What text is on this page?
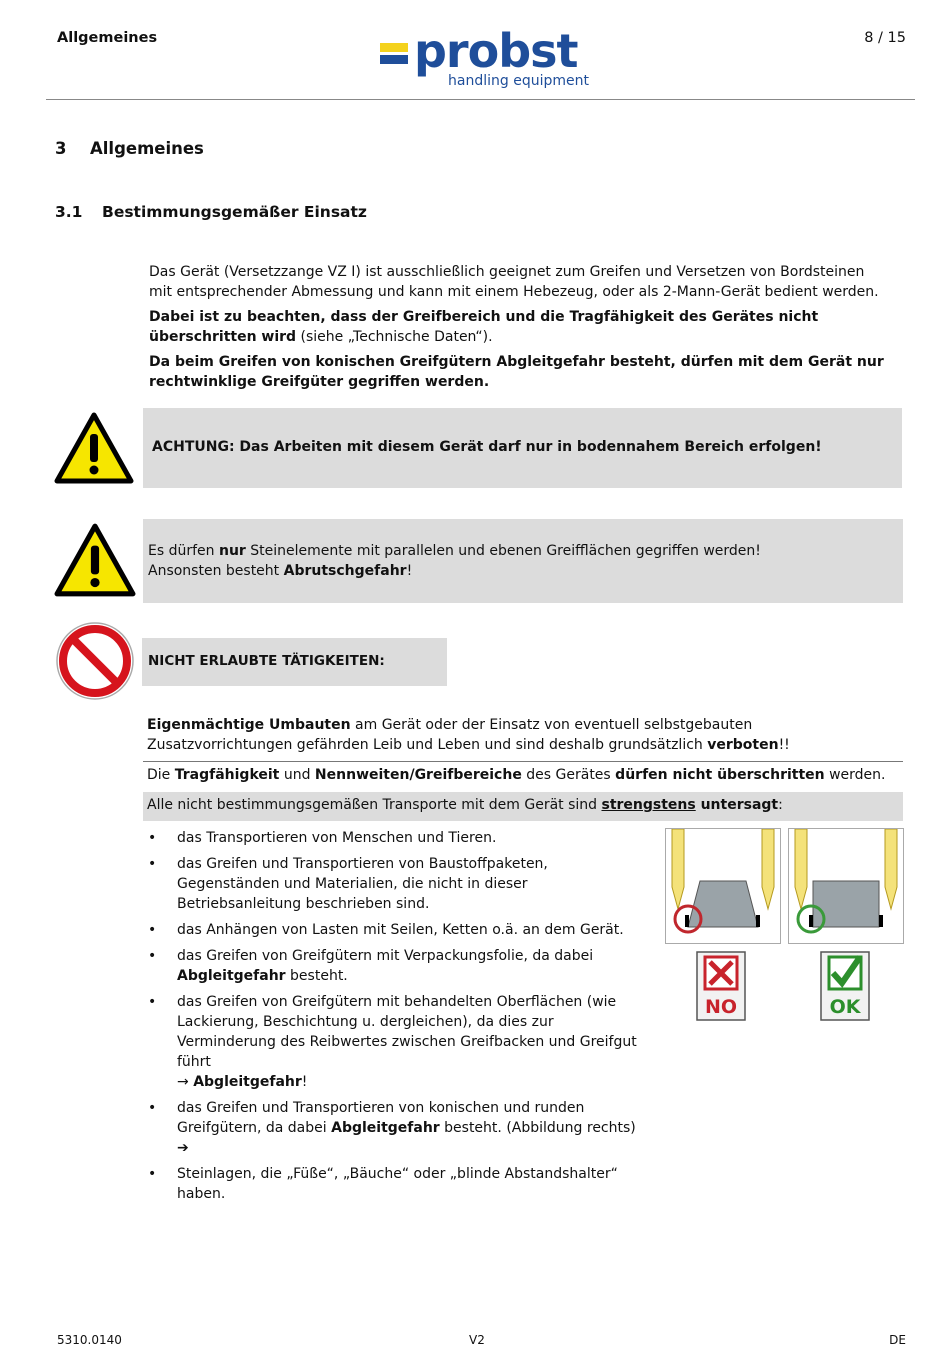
Allgemeines	8 / 15
probst
handling equipment
3 Allgemeines
3.1 Bestimmungsgemäßer Einsatz
Das Gerät (Versetzzange VZ I) ist ausschließlich geeignet zum Greifen und Versetzen von Bordsteinen mit entsprechender Abmessung und kann mit einem Hebezeug, oder als 2-Mann-Gerät bedient werden.
Dabei ist zu beachten, dass der Greifbereich und die Tragfähigkeit des Gerätes nicht überschritten wird (siehe „Technische Daten“).
Da beim Greifen von konischen Greifgütern Abgleitgefahr besteht, dürfen mit dem Gerät nur rechtwinklige Greifgüter gegriffen werden.
ACHTUNG: Das Arbeiten mit diesem Gerät darf nur in bodennahem Bereich erfolgen!
Es dürfen nur Steinelemente mit parallelen und ebenen Greifflächen gegriffen werden!
Ansonsten besteht Abrutschgefahr!
NICHT ERLAUBTE TÄTIGKEITEN:
Eigenmächtige Umbauten am Gerät oder der Einsatz von eventuell selbstgebauten Zusatzvorrichtungen gefährden Leib und Leben und sind deshalb grundsätzlich verboten!!
Die Tragfähigkeit und Nennweiten/Greifbereiche des Gerätes dürfen nicht überschritten werden.
Alle nicht bestimmungsgemäßen Transporte mit dem Gerät sind strengstens untersagt:
• das Transportieren von Menschen und Tieren.
• das Greifen und Transportieren von Baustoffpaketen, Gegenständen und Materialien, die nicht in dieser Betriebsanleitung beschrieben sind.
• das Anhängen von Lasten mit Seilen, Ketten o.ä. an dem Gerät.
• das Greifen von Greifgütern mit Verpackungsfolie, da dabei Abgleitgefahr besteht.
• das Greifen von Greifgütern mit behandelten Oberflächen (wie Lackierung, Beschichtung u. dergleichen), da dies zur Verminderung des Reibwertes zwischen Greifbacken und Greifgut führt
→ Abgleitgefahr!
• das Greifen und Transportieren von konischen und runden Greifgütern, da dabei Abgleitgefahr besteht. (Abbildung rechts) ➔
• Steinlagen, die „Füße“, „Bäuche“ oder „blinde Abstandshalter“ haben.
NO	OK
5310.0140	V2	DE
